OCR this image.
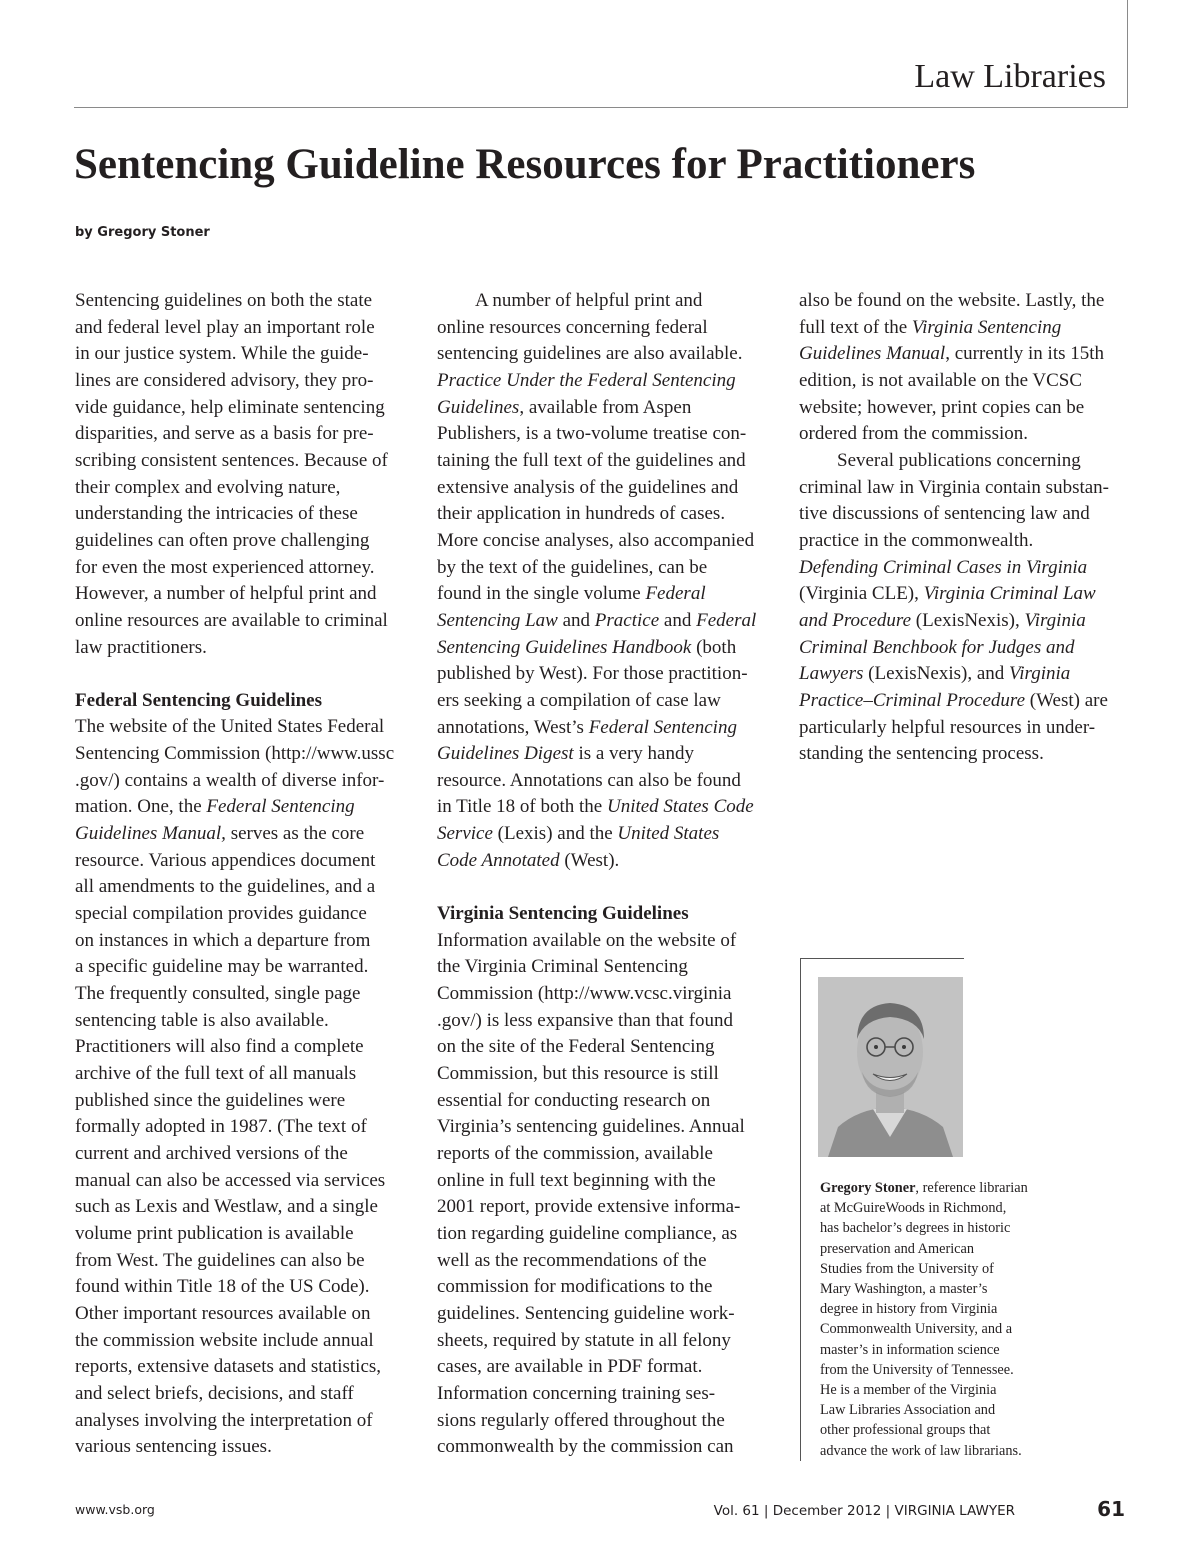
Law Libraries
Sentencing Guideline Resources for Practitioners
by Gregory Stoner

Sentencing guidelines on both the state
and federal level play an important role
in our justice system. While the guide-
lines are considered advisory, they pro-
vide guidance, help eliminate sentencing
disparities, and serve as a basis for pre-
scribing consistent sentences. Because of
their complex and evolving nature,
understanding the intricacies of these
guidelines can often prove challenging
for even the most experienced attorney.
However, a number of helpful print and
online resources are available to criminal
law practitioners.

Federal Sentencing Guidelines

The website of the United States Federal
Sentencing Commission (http://www.ussc
.gov/) contains a wealth of diverse infor-
mation. One, the Federal Sentencing
Guidelines Manual, serves as the core
resource. Various appendices document
all amendments to the guidelines, and a
special compilation provides guidance
on instances in which a departure from
a specific guideline may be warranted.
The frequently consulted, single page
sentencing table is also available.
Practitioners will also find a complete
archive of the full text of all manuals
published since the guidelines were
formally adopted in 1987. (The text of
current and archived versions of the
manual can also be accessed via services
such as Lexis and Westlaw, and a single
volume print publication is available
from West. The guidelines can also be
found within Title 18 of the US Code).
Other important resources available on
the commission website include annual
reports, extensive datasets and statistics,
and select briefs, decisions, and staff
analyses involving the interpretation of
various sentencing issues.

A number of helpful print and
online resources concerning federal
sentencing guidelines are also available.
Practice Under the Federal Sentencing
Guidelines, available from Aspen
Publishers, is a two-volume treatise con-
taining the full text of the guidelines and
extensive analysis of the guidelines and
their application in hundreds of cases.
More concise analyses, also accompanied
by the text of the guidelines, can be
found in the single volume Federal
Sentencing Law and Practice and Federal
Sentencing Guidelines Handbook (both
published by West). For those practition-
ers seeking a compilation of case law
annotations, West’s Federal Sentencing
Guidelines Digest is a very handy
resource. Annotations can also be found
in Title 18 of both the United States Code
Service (Lexis) and the United States
Code Annotated (West).

Virginia Sentencing Guidelines

Information available on the website of
the Virginia Criminal Sentencing
Commission (http://www.vcsc.virginia
.gov/) is less expansive than that found
on the site of the Federal Sentencing
Commission, but this resource is still
essential for conducting research on
Virginia’s sentencing guidelines. Annual
reports of the commission, available
online in full text beginning with the
2001 report, provide extensive informa-
tion regarding guideline compliance, as
well as the recommendations of the
commission for modifications to the
guidelines. Sentencing guideline work-
sheets, required by statute in all felony
cases, are available in PDF format.
Information concerning training ses-
sions regularly offered throughout the
commonwealth by the commission can

also be found on the website. Lastly, the
full text of the Virginia Sentencing
Guidelines Manual, currently in its 15th
edition, is not available on the VCSC
website; however, print copies can be
ordered from the commission.

Several publications concerning
criminal law in Virginia contain substan-
tive discussions of sentencing law and
practice in the commonwealth.
Defending Criminal Cases in Virginia
(Virginia CLE), Virginia Criminal Law
and Procedure (LexisNexis), Virginia
Criminal Benchbook for Judges and
Lawyers (LexisNexis), and Virginia
Practice–Criminal Procedure (West) are
particularly helpful resources in under-
standing the sentencing process.

Gregory Stoner, reference librarian
at McGuireWoods in Richmond,
has bachelor’s degrees in historic
preservation and American
Studies from the University of
Mary Washington, a master’s
degree in history from Virginia
Commonwealth University, and a
master’s in information science
from the University of Tennessee.
He is a member of the Virginia
Law Libraries Association and
other professional groups that
advance the work of law librarians.
www.vsb.org	Vol. 61 | December 2012 | VIRGINIA LAWYER	61
